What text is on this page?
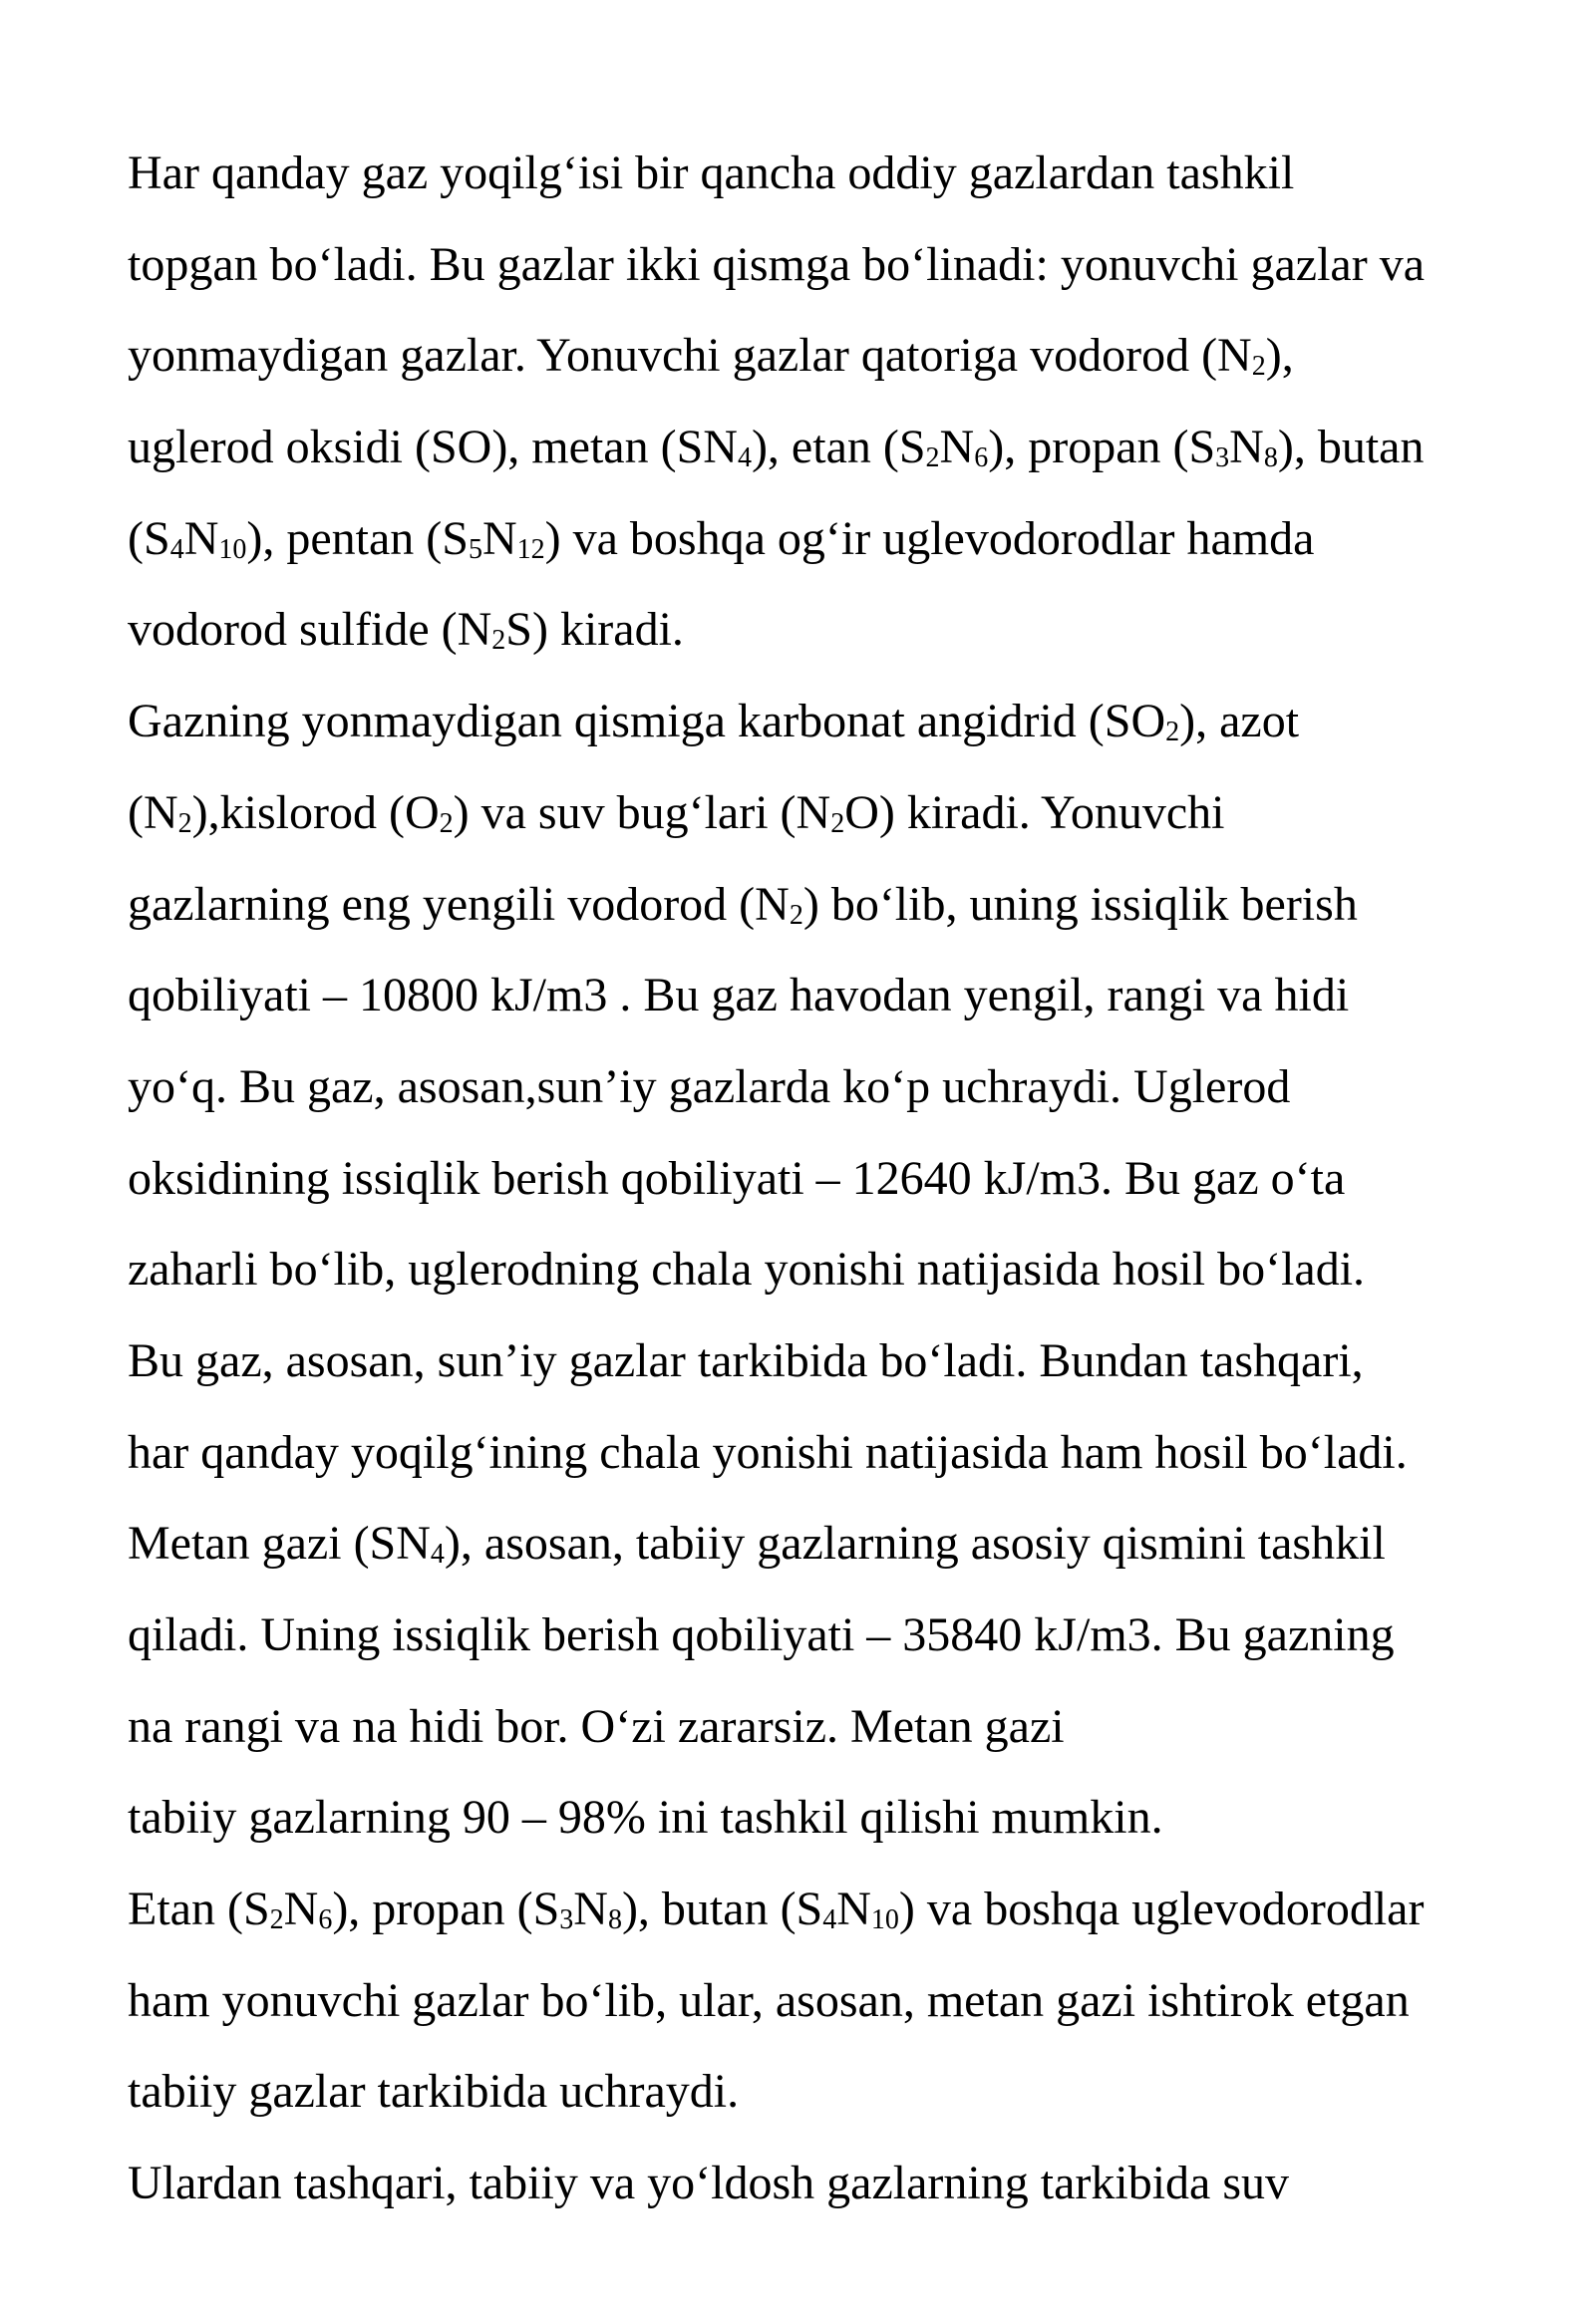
Har qanday gaz yoqilg‘isi bir qancha oddiy gazlardan tashkil
topgan bo‘ladi. Bu gazlar ikki qismga bo‘linadi: yonuvchi gazlar va
yonmaydigan gazlar. Yonuvchi gazlar qatoriga vodorod $(N_2)$,
uglerod oksidi (SO), metan $(SN_4)$, etan $(S_2N_6)$, propan $(S_3N_8)$, butan
$(S_4N_{10})$, pentan $(S_5N_{12})$ va boshqa og‘ir uglevodorodlar hamda
vodorod sulfide $(N_2S)$ kiradi.
Gazning yonmaydigan qismiga karbonat angidrid $(SO_2)$, azot
$(N_2),kislorod$ $(O_2)$ va suv bug‘lari $(N_2O)$ kiradi. Yonuvchi
gazlarning eng yengili vodorod $(N_2)$ bo‘lib, uning issiqlik berish
qobiliyati – 10800 kJ/m3 . Bu gaz havodan yengil, rangi va hidi
yo‘q. Bu gaz, asosan,sun’iy gazlarda ko‘p uchraydi. Uglerod
oksidining issiqlik berish qobiliyati – 12640 kJ/m3. Bu gaz o‘ta
zaharli bo‘lib, uglerodning chala yonishi natijasida hosil bo‘ladi.
Bu gaz, asosan, sun’iy gazlar tarkibida bo‘ladi. Bundan tashqari,
har qanday yoqilg‘ining chala yonishi natijasida ham hosil bo‘ladi.
Metan gazi $(SN_4)$, asosan, tabiiy gazlarning asosiy qismini tashkil
qiladi. Uning issiqlik berish qobiliyati – 35840 kJ/m3. Bu gazning
na rangi va na hidi bor. O‘zi zararsiz. Metan gazi
tabiiy gazlarning 90 – 98% ini tashkil qilishi mumkin.
Etan $(S_2N_6)$, propan $(S_3N_8)$, butan $(S_4N_{10})$ va boshqa uglevodorodlar
ham yonuvchi gazlar bo‘lib, ular, asosan, metan gazi ishtirok etgan
tabiiy gazlar tarkibida uchraydi.
Ulardan tashqari, tabiiy va yo‘ldosh gazlarning tarkibida suv
